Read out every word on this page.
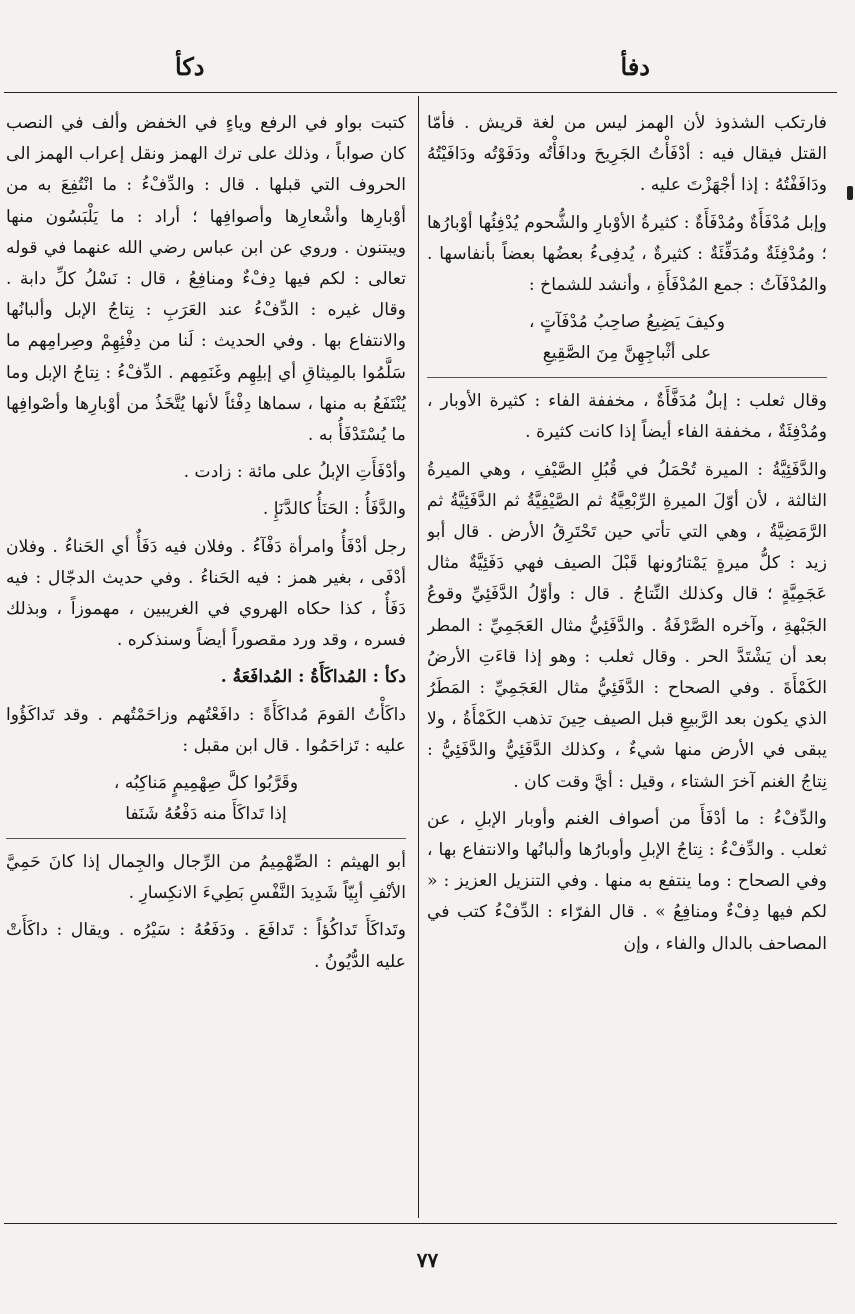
دفأ
دكأ

فارتكب الشذوذ لأن الهمز ليس من لغة قريش . فأمّا القتل فيقال فيه : أدْفَأْتُ الجَرِيحَ ودافَأْتُه ودَفَوْتُه ودَافَيْتُهُ ودَافَفْتُهُ : إذا أجْهَزْتَ عليه .

وإبل مُدْفَأَةٌ ومُدْفَأَةٌ : كثيرةُ الأوْبارِ والشُّحوم يُدْفِئُها أوْبارُها ؛ ومُدْفِئَةٌ ومُدَفِّئَةٌ : كثيرةٌ ، يُدفِىءُ بعضُها بعضاً بأنفاسها . والمُدْفَآتُ : جمع المُدْفَأَةِ ، وأنشد للشماخ :

وكيفَ يَضِيعُ صاحِبُ مُدْفَآتٍ ،
على أثْباجِهِنَّ مِنَ الصَّقِيعِ

وقال ثعلب : إبلٌ مُدَفَّأَةٌ ، مخففة الفاء : كثيرة الأوبار ، ومُدْفِئَةٌ ، مخففة الفاء أيضاً إذا كانت كثيرة .

والدَّفَئِيَّةُ : الميرة تُحْمَلُ في قُبُلِ الصَّيْفِ ، وهي الميرةُ الثالثة ، لأن أوّلَ الميرةِ الرِّبْعِيَّةُ ثم الصَّيْفِيَّةُ ثم الدَّفَئِيَّةُ ثم الرَّمَضِيَّةُ ، وهي التي تأتي حين تَحْتَرِقُ الأرض . قال أبو زيد : كلُّ ميرةٍ يَمْتارُونها قَبْلَ الصيف فهي دَفَئِيَّةٌ مثال عَجَمِيَّةٍ ؛ قال وكذلك النِّتاجُ . قال : وأوّلُ الدَّفَئِيِّ وقوعُ الجَبْهةِ ، وآخره الصَّرْفَةُ . والدَّفَئِيُّ مثال العَجَمِيِّ : المطر بعد أن يَشْتَدَّ الحر . وقال ثعلب : وهو إذا قاءَتِ الأرضُ الكَمْأَةَ . وفي الصحاح : الدَّفَئِيُّ مثال العَجَمِيِّ : المَطَرُ الذي يكون بعد الرَّبيعِ قبل الصيف حِينَ تذهب الكَمْأَةُ ، ولا يبقى في الأرض منها شيءٌ ، وكذلك الدَّفَئِيُّ والدَّفَئِيُّ : نِتاجُ الغنم آخرَ الشتاء ، وقيل : أيَّ وقت كان .

والدِّفْءُ : ما أدْفَأَ من أصواف الغنم وأوبار الإبلِ ، عن ثعلب . والدِّفْءُ : نِتاجُ الإبلِ وأوبارُها وألبانُها والانتفاع بها ، وفي الصحاح : وما ينتفع به منها . وفي التنزيل العزيز : « لكم فيها دِفْءٌ ومنافِعُ » . قال الفرّاء : الدِّفْءُ كتب في المصاحف بالدال والفاء ، وإن

كتبت بواو في الرفع وياءٍ في الخفض وألف في النصب كان صواباً ، وذلك على ترك الهمز ونقل إعراب الهمز الى الحروف التي قبلها . قال : والدِّفْءُ : ما انْتُفِعَ به من أوْبارِها وأشْعارِها وأصوافِها ؛ أراد : ما يَلْبَسُون منها ويبتنون . وروي عن ابن عباس رضي الله عنهما في قوله تعالى : لكم فيها دِفْءٌ ومنافِعُ ، قال : نَسْلُ كلِّ دابة . وقال غيره : الدِّفْءُ عند العَرَبِ : نِتاجُ الإبل وألبانُها والانتفاع بها . وفي الحديث : لَنا من دِفْئِهِمْ وصِرامِهم ما سَلَّمُوا بالمِيثاقِ أي إبلِهِم وغَنَمِهم . الدِّفْءُ : نِتاجُ الإبل وما يُنْتَفَعُ به منها ، سماها دِفْئاً لأنها يُتَّخَذُ من أوْبارِها وأصْوافِها ما يُسْتَدْفَأُ به .

وأدْفَأَتِ الإبلُ على مائة : زادت .

والدَّفَأُ : الحَنَأُ كالدَّنَإِ .

رجل أدْفَأُ وامرأة دَفْآءُ . وفلان فيه دَفَأٌ أي الحَناءُ . وفلان أدْفَى ، بغير همز : فيه الحَناءُ . وفي حديث الدجّال : فيه دَفَأٌ ، كذا حكاه الهروي في الغريبين ، مهموزاً ، وبذلك فسره ، وقد ورد مقصوراً أيضاً وسنذكره .

دكأ : المُداكَأَةُ : المُدافَعَةُ .

داكَأْتُ القومَ مُداكَأَةً : دافَعْتُهم وزاحَمْتُهم . وقد تَداكَؤُوا عليه : تَزاحَمُوا . قال ابن مقبل :

وقَرَّبُوا كلَّ صِهْمِيمٍ مَناكِبُه ،
إذا تَداكَأَ منه دَفْعُهُ شَنَفا

أبو الهيثم : الصِّهْمِيمُ من الرِّجال والجِمال إذا كانَ حَمِيَّ الأنْفِ أبِيّاً شَدِيدَ النَّفْسِ بَطِيءَ الانكِسارِ .

وتَداكَأَ تَداكُؤاً : تَدافَعَ . ودَفَعُهُ : سَيْرُه . ويقال : داكَأَتْ عليه الدُّيُونُ .

٧٧
